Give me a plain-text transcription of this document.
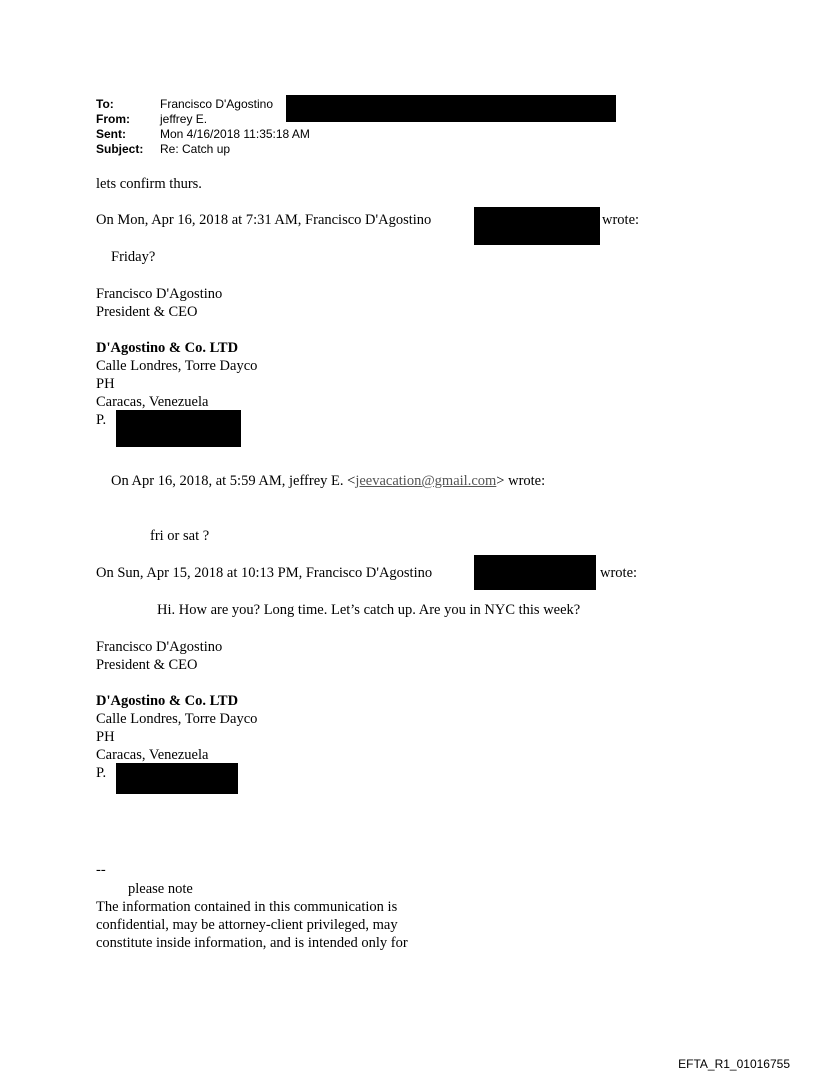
To:	Francisco D'Agostino
From:	jeffrey E.
Sent:	Mon 4/16/2018 11:35:18 AM
Subject: Re: Catch up
lets confirm thurs.
On Mon, Apr 16, 2018 at 7:31 AM, Francisco D'Agostino	wrote:
Friday?
Francisco D'Agostino
President & CEO
D'Agostino & Co. LTD
Calle Londres, Torre Dayco
PH
Caracas, Venezuela
P.
On Apr 16, 2018, at 5:59 AM, jeffrey E. <jeevacation@gmail.com> wrote:
fri or sat ?
On Sun, Apr 15, 2018 at 10:13 PM, Francisco D'Agostino	wrote:
Hi. How are you? Long time. Let’s catch up. Are you in NYC this week?
Francisco D'Agostino
President & CEO
D'Agostino & Co. LTD
Calle Londres, Torre Dayco
PH
Caracas, Venezuela
P.
--
please note
The information contained in this communication is
confidential, may be attorney-client privileged, may
constitute inside information, and is intended only for
EFTA_R1_01016755
